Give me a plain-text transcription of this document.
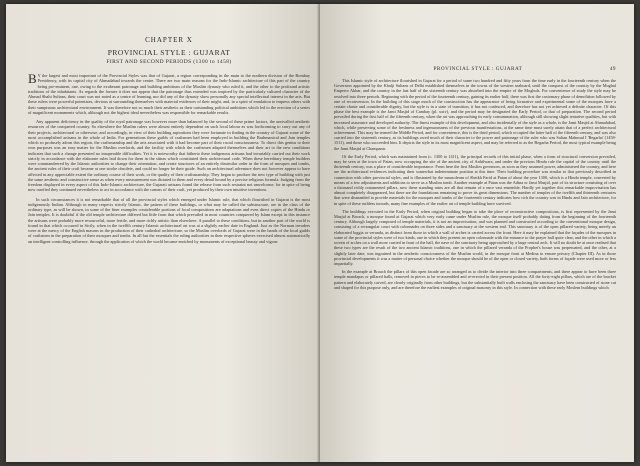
CHAPTER X

PROVINCIAL STYLE : GUJARAT

FIRST AND SECOND PERIODS (1300 to 1458)

B Y the largest and most important of the Provincial Styles was that of Gujarat, a region corresponding in the main to the northern division of the Bombay Presidency, with its capital city of Ahmadabad towards the centre. There are two main reasons for the Indo-Islamic architecture of this part of the country being pre-eminent, one, owing to the exuberant patronage and building ambitions of the Muslim dynasty who ruled it, and the other to the profound artistic traditions of the inhabitants. As regards the former it does not appear that the patronage thus extended was inspired by the particularly cultured character of the Ahmad Shahi Sultans, their court was not noted as a centre of learning, nor did any of the dynasty show personally any special intellectual interest in the arts. But these rulers were powerful potentates, devious at surrounding themselves with material evidences of their might, and, in a spirit of emulation to impress others with their sumptuous architectural environment. It was therefore not so much their aesthetic as their outstanding political ambitions which led to the erection of a series of magnificent monuments which, although not the highest ideal nevertheless was responsible for remarkable results.

Any apparent deficiency in the quality of the royal patronage was however more than balanced by the second of these prime factors, the unrivalled aesthetic resources of the conquered country. So elsewhere the Muslim rulers were almost entirely dependent on such local labour as was forthcoming to carry out any of their projects, architectural or otherwise, and accordingly, in view of their building aspirations they were fortunate in finding in the country of Gujarat some of the most accomplished artisans in the whole of India. For generations these guilds of craftsmen had been employed in building the Brahmanical and Jain temples which so profusely adorn this region, the craftsmanship and the arts associated with it had become part of their racial consciousness. To direct this genius to their own purposes was an easy matter for the Muslim overlords, and the facility with which the craftsmen adapted themselves and their art to the new conditions indicates that such a change presented no insuperable difficulties. Yet it is noteworthy that hitherto these indigenous artisans had invariably carried out their work strictly in accordance with the elaborate rules laid down for them in the sûtras which constituted their architectural code. When these hereditary temple builders were commandeered by the Islamic authorities to change their orientation, and create structures of an entirely dissimilar order in the form of mosques and tombs, the ancient rules of their craft became at one stroke obsolete, and could no longer be their guide. Such an architectural adventure does not however appear to have affected in any appreciable extent the ordinary course of their work, or the quality of their craftsmanship. They began to produce the new type of building with just the same aesthetic and constructive sense as when every measurement was dictated to them and every detail bound by a precise religious formula. Judging from the freedom displayed in every aspect of this Indo-Islamic architecture, the Gujarati artisans found the release from such restraint not unwelcome, for in spite of being now rarefied they continued nevertheless to act in accordance with the canons of their craft, yet produced by their own intuitive inventions.

In such circumstances it is not remarkable that of all the provincial styles which emerged under Islamic rule, that which flourished in Gujarat is the most indigenously Indian. Although in many respects strictly Islamic, the pattern of these buildings, or what may be called the substructure, are in the class of the ordinary type, as will be shown, in some of the finer examples considerable portions of local compositions are adaptations and even direct copies of the Hindu or Jain temples. It is doubtful if the old temple architecture differed but little from that which prevailed in most countries conquered by Islam except in this instance the artisans were probably more resourceful, more fertile, and more richly artistic than elsewhere. A parallel to these conditions, but in another part of the world is found in that which occurred in Sicily, when in the twelfth century Islamic architectural art was at a slightly earlier date in England. Just as the Norman invaders were at the mercy of the English masons in the production of their cathedral architecture, so the Muslim overlords of Gujarat were in the hands of the local guilds of craftsmen in the preparation of their mosques and tombs. In all but the essentials the ruling authorities in their respective spheres exercised almost automatically an intelligent controlling influence, through the application of which the world became enriched by monuments of exceptional beauty and vigour.

PROVINCIAL STYLE : GUJARAT	49

This Islamic style of architecture flourished in Gujarat for a period of some two hundred and fifty years from the time early in the fourteenth century when the Governors appointed by the Khalji Sultans of Delhi established themselves in the towns of the western seaboard, until the conquest of the country by the Mughal Emperor Akbar, and the country in the last half of the sixteenth century was absorbed into the empire of the Moghuls. For convenience of study the style may be resolved into three periods. Beginning with the period of the fourteenth century, gaining its earlier half, there was first the customary phase of demolition followed by one of reconversion. In the building of this stage much of the construction has the appearance of being formative and experimental some of the mosques have a certain chaste and considerable dignity, but the style is in a state of transition, it has not coalesced, and therefore has not yet achieved a definite character. Of this phase the best example is the Jami Masjid of Cambay (pl. xxiv), and the period may be designated the Early Period, or that of preparation. The second period prevailed during the first half of the fifteenth century, when the art was approaching its early consummation, although still showing slight tentative qualities, but with increased assurance and developed authority. The finest example of this development, and also incidentally of the style as a whole, is the Jami Masjid at Ahmadabad, which, while preserving some of the freshness and ingenuousness of the previous manifestations, at the same time must surely attain that of a perfect architectural achievement. This may be termed the Middle Period, and for convenience, this is the third period, which occupied the latter half of the fifteenth century, and was also carried into the sixteenth century, as its buildings owed much of their character to the power and patronage of the ruler who was Sultan Mahmud I 'Begarha' (1458-1511), and those who succeeded him. It depicts the style in its most magnificent aspect, and may be referred to as the Begarha Period, the most typical example being the Jami Masjid at Champanir.

Of the Early Period, which was maintained from (c. 1300 to 1411), the principal records of this initial phase, when a form of structural conversion prevailed, may be seen at the town of Patan, now occupying the site of the ancient city of Anhilwara, and under the previous Hindu rule the capital of the country until the thirteenth century, was a place of considerable importance. From here the first Muslim governors, as soon as they assumed power, administered the country, and here are the architectural evidences indicating their somewhat indeterminate position at this time. Their building procedure was similar to that previously described in connection with other provincial styles, and is illustrated by the mausoleum of Sheikh Farid at Patan of about the year 1300, which is a Hindu temple, converted by means of a few adjustments and additions to serve as a Muslim tomb. Another example at Patan was the Adina or Jami Masjid, part of its structure consisting of over a thousand richly ornamented pillars, now these standing ruins are all that remain of a once vast ensemble. Hardly yet together this remarkable improvisation has almost completely disappeared, but there are the foundations remaining to prove its great dimensions. The number of temples of the twelfth and thirteenth centuries that were dismantled to provide materials for the mosques and tombs of the fourteenth century indicates how rich the country was in Hindu and Jain architecture, for in spite of these ruthless inroads, many fine examples of the earlier art of temple building have survived.

The buildings executed in the Early Period, when original building began to take the place of reconstructive compositions, is first represented by the Jami Masjid at Broach, a mosque found at Gujarat which very early came under Muslim rule, the mosque itself probably dating from the beginning of the fourteenth century. Although largely composed of temple materials, it is not an improvisation, and was planned and constructed according to the conventional mosque design, consisting of a rectangular court with colonnades on three sides and a sanctuary at the western end. This sanctuary is of the open pillared variety, being merely an elaborated loggia or veranda, as distinct from those in which a wall of arches is carried across the front. Here it may be explained that the façades of the mosques in some of the provincial styles were of two kinds, one in which they present an open colonnade with the entrance to the prayer hall quite clear, and the other in which a screen of arches on a wall more carried in front of the hall, the nave of the sanctuary being approached by a large central arch. It will no doubt be at once realised that these two types are the result of the two ancient Islamic traditions, one in which the pillared veranda of the Prophet's house was perpetuated, and the other, at a slightly later date, was ingrained in the aesthetic consciousness of the Muslim world, in the mosque front at Medina to ensure privacy (Chapter III). As in those provincial developments it was a matter of personal choice whether the mosque should be of the open or closed variety, both forms of façade were used more or less impartially.

In the example at Broach the pillars of this open facade are so arranged as to divide the interior into three compartments, and there appear to have been three temple mandapas or pillared halls, removed in pieces to be re-assembled and re-erected in their present position. All the forty-eight pillars, which are of the bracket pattern and elaborately carved, are clearly originally from other buildings, but the substantially built walls enclosing the sanctuary have been constructed of stone cut and shaped for this purpose only, and are therefore the earliest examples of original masonry in this style. In connection with these early Moslem buildings which
